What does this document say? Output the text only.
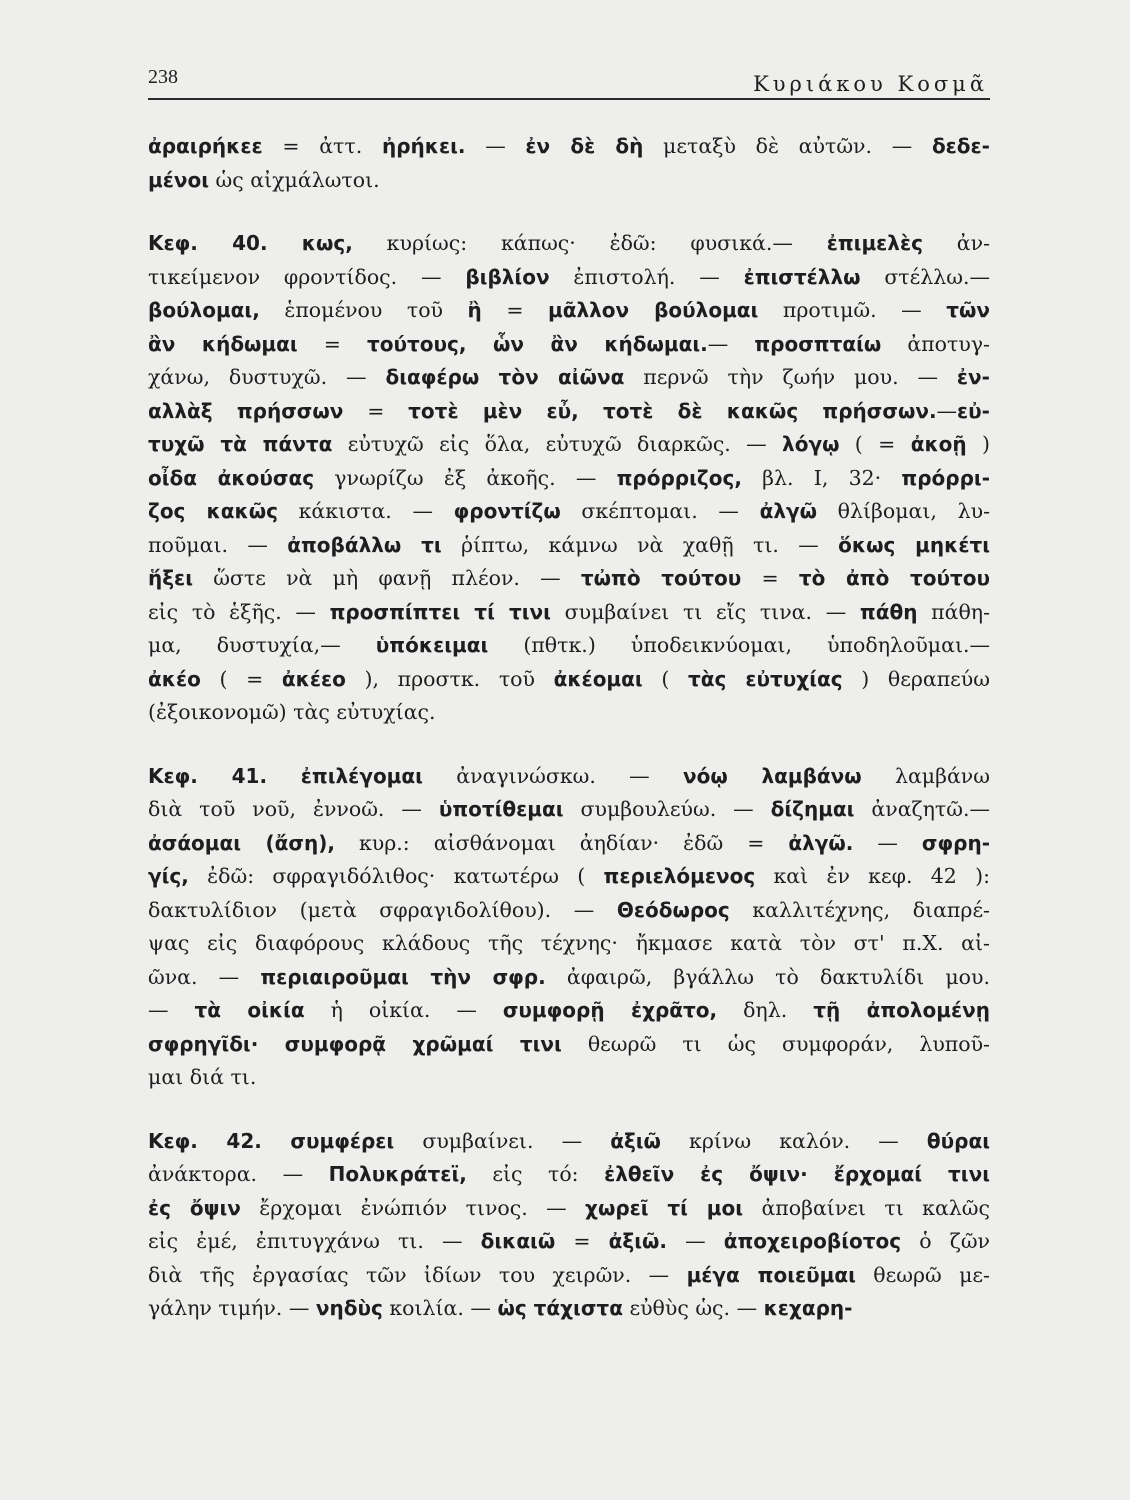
238	Κυριάκου Κοσμᾶ
ἀραιρήκεε = ἀττ. ἠρήκει. — ἐν δὲ δὴ μεταξὺ δὲ αὐτῶν. — δεδε-
μένοι ὡς αἰχμάλωτοι.
Κεφ. 40. κως, κυρίως: κάπως· ἐδῶ: φυσικά.— ἐπιμελὲς ἀν-
τικείμενον φροντίδος. — βιβλίον ἐπιστολή. — ἐπιστέλλω στέλλω.—
βούλομαι, ἑπομένου τοῦ ἢ = μᾶλλον βούλομαι προτιμῶ. — τῶν
ἂν κήδωμαι = τούτους, ὧν ἂν κήδωμαι.— προσπταίω ἀποτυγ-
χάνω, δυστυχῶ. — διαφέρω τὸν αἰῶνα περνῶ τὴν ζωήν μου. — ἐν-
αλλὰξ πρήσσων = τοτὲ μὲν εὖ, τοτὲ δὲ κακῶς πρήσσων.—εὐ-
τυχῶ τὰ πάντα εὐτυχῶ εἰς ὅλα, εὐτυχῶ διαρκῶς. — λόγῳ ( = ἀκοῇ )
οἶδα ἀκούσας γνωρίζω ἐξ ἀκοῆς. — πρόρριζος, βλ. I, 32· πρόρρι-
ζος κακῶς κάκιστα. — φροντίζω σκέπτομαι. — ἀλγῶ θλίβομαι, λυ-
ποῦμαι. — ἀποβάλλω τι ῥίπτω, κάμνω νὰ χαθῇ τι. — ὅκως μηκέτι
ἥξει ὥστε νὰ μὴ φανῇ πλέον. — τὠπὸ τούτου = τὸ ἀπὸ τούτου
εἰς τὸ ἑξῆς. — προσπίπτει τί τινι συμβαίνει τι εἴς τινα. — πάθη πάθη-
μα, δυστυχία,— ὑπόκειμαι (πθτκ.) ὑποδεικνύομαι, ὑποδηλοῦμαι.—
ἀκέο ( = ἀκέεο ), προστκ. τοῦ ἀκέομαι ( τὰς εὐτυχίας ) θεραπεύω
(ἐξοικονομῶ) τὰς εὐτυχίας.
Κεφ. 41. ἐπιλέγομαι ἀναγινώσκω. — νόῳ λαμβάνω λαμβάνω
διὰ τοῦ νοῦ, ἐννοῶ. — ὑποτίθεμαι συμβουλεύω. — δίζημαι ἀναζητῶ.—
ἀσάομαι (ἄση), κυρ.: αἰσθάνομαι ἀηδίαν· ἐδῶ = ἀλγῶ. — σφρη-
γίς, ἐδῶ: σφραγιδόλιθος· κατωτέρω ( περιελόμενος καὶ ἐν κεφ. 42 ):
δακτυλίδιον (μετὰ σφραγιδολίθου). — Θεόδωρος καλλιτέχνης, διαπρέ-
ψας εἰς διαφόρους κλάδους τῆς τέχνης· ἤκμασε κατὰ τὸν στ' π.Χ. αἰ-
ῶνα. — περιαιροῦμαι τὴν σφρ. ἀφαιρῶ, βγάλλω τὸ δακτυλίδι μου.
— τὰ οἰκία ἡ οἰκία. — συμφορῇ ἐχρᾶτο, δηλ. τῇ ἀπολομένῃ
σφρηγῖδι· συμφορᾷ χρῶμαί τινι θεωρῶ τι ὡς συμφοράν, λυποῦ-
μαι διά τι.
Κεφ. 42. συμφέρει συμβαίνει. — ἀξιῶ κρίνω καλόν. — θύραι
ἀνάκτορα. — Πολυκράτεϊ, εἰς τό: ἐλθεῖν ἐς ὄψιν· ἔρχομαί τινι
ἐς ὄψιν ἔρχομαι ἐνώπιόν τινος. — χωρεῖ τί μοι ἀποβαίνει τι καλῶς
εἰς ἐμέ, ἐπιτυγχάνω τι. — δικαιῶ = ἀξιῶ. — ἀποχειροβίοτος ὁ ζῶν
διὰ τῆς ἐργασίας τῶν ἰδίων του χειρῶν. — μέγα ποιεῦμαι θεωρῶ με-
γάλην τιμήν. — νηδὺς κοιλία. — ὡς τάχιστα εὐθὺς ὡς. — κεχαρη-
